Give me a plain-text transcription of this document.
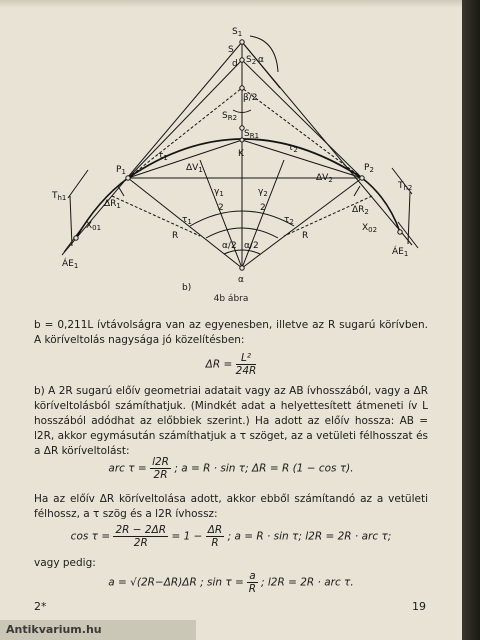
$S_1$
S
$S_2$
d α
β/2
$S_{R2}$
$S_{R1}$
K
$P_1$	$P_2$
$T_{h1}$
$T_{h2}$
$\Delta R_1$	$\Delta R_2$
$X_{01}$	$X_{02}$
$ÁE_1$
$ÁE_1$
$\tau_1$
$\tau_2$
$\Delta V_1$
$\Delta V_2$
$\gamma_1$
2
$\gamma_2$
2
$\tau_1$	$\tau_2$
R	R
α/2 α/2
α
b)
4b ábra

b = 0,211L ívtávolságra van az egyenesben, illetve az R sugarú körívben. A köríveltolás nagysága jó közelítésben:

$\Delta R = \frac{\text{L²}}{24R}$

b) A 2R sugarú előív geometriai adatait vagy az AB ívhosszából, vagy a ΔR köríveltolásból számíthatjuk. (Mindkét adat a helyettesített átmeneti ív L hosszából adódhat az előbbiek szerint.) Ha adott az előív hossza: AB = l2R, akkor egymásután számíthatjuk a τ szöget, az a vetületi félhosszat és a ΔR köríveltolást:

arc $\tau = \frac{l2R}{2R}$ ; a = R · sin τ; ΔR = R (1 − cos τ).

Ha az előív ΔR köríveltolása adott, akkor ebből számítandó az a vetületi félhossz, a τ szög és a l2R ívhossz:

$\cos \tau = \frac{2R - 2\Delta R}{2R} = 1 - \frac{\Delta R}{R}$ ; a = R · sin τ; l2R = 2R · arc τ;

vagy pedig:

a = √(2R−ΔR)ΔR ; $\sin \tau = \frac{a}{R}$ ; l2R = 2R · arc τ.
2*	19
Antikvarium.hu
